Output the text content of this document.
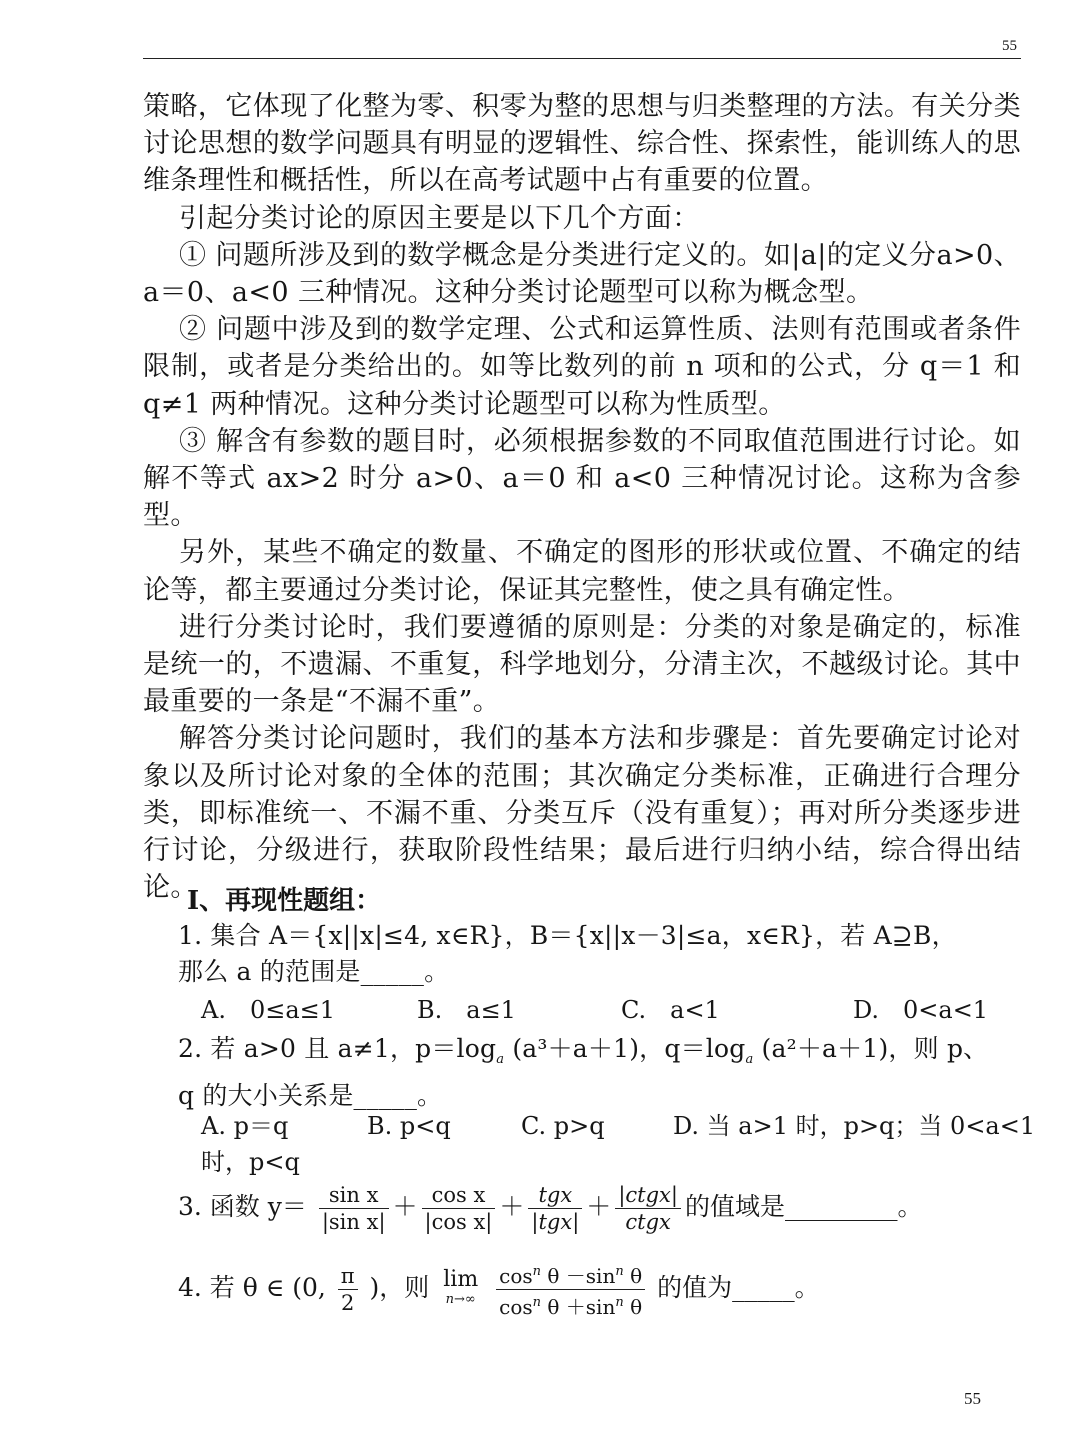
55

策略，它体现了化整为零、积零为整的思想与归类整理的方法。有关分类讨论思想的数学问题具有明显的逻辑性、综合性、探索性，能训练人的思维条理性和概括性，所以在高考试题中占有重要的位置。

引起分类讨论的原因主要是以下几个方面：

① 问题所涉及到的数学概念是分类进行定义的。如|a|的定义分a>0、a＝0、a<0 三种情况。这种分类讨论题型可以称为概念型。

② 问题中涉及到的数学定理、公式和运算性质、法则有范围或者条件限制，或者是分类给出的。如等比数列的前 n 项和的公式，分 q＝1 和 q≠1 两种情况。这种分类讨论题型可以称为性质型。

③ 解含有参数的题目时，必须根据参数的不同取值范围进行讨论。如解不等式 ax>2 时分 a>0、a＝0 和 a<0 三种情况讨论。这称为含参型。

另外，某些不确定的数量、不确定的图形的形状或位置、不确定的结论等，都主要通过分类讨论，保证其完整性，使之具有确定性。

进行分类讨论时，我们要遵循的原则是：分类的对象是确定的，标准是统一的，不遗漏、不重复，科学地划分，分清主次，不越级讨论。其中最重要的一条是“不漏不重”。

解答分类讨论问题时，我们的基本方法和步骤是：首先要确定讨论对象以及所讨论对象的全体的范围；其次确定分类标准，正确进行合理分类，即标准统一、不漏不重、分类互斥（没有重复）；再对所分类逐步进行讨论，分级进行，获取阶段性结果；最后进行归纳小结，综合得出结论。

Ⅰ、再现性题组：
1. 集合 A＝{x||x|≤4, x∈R}，B＝{x||x－3|≤a，x∈R}，若 A⊇B，
那么 a 的范围是_____。
A.　0≤a≤1	B.　a≤1	C.　a<1	D.　0<a<1
2. 若 a>0 且 a≠1，$p=\log_a$ (a³＋a＋1)，$q=\log_a$ (a²＋a＋1)，则 p、
q 的大小关系是_____。
A. p＝q	B. p<q	C. p>q	D. 当 a>1 时，p>q；当 0<a<1
时，p<q
3. 函数 $y= \frac{\text{sin x}}{\text{|sin x|}} + \frac{\text{cos x}}{\text{|cos x|}} + \frac{\text{tgx}}{\text{|tgx|}} + \frac{\text{|ctgx|}}{\text{ctgx}}$ 的值域是_________。
4. 若 θ ∈ (0, $\frac{\pi}{2}$ )，则 lim
n→∞
$\frac{\cos^n \theta -\sin^n \theta}{\cos^n \theta +\sin^n \theta}$ 的值为_____。
55
